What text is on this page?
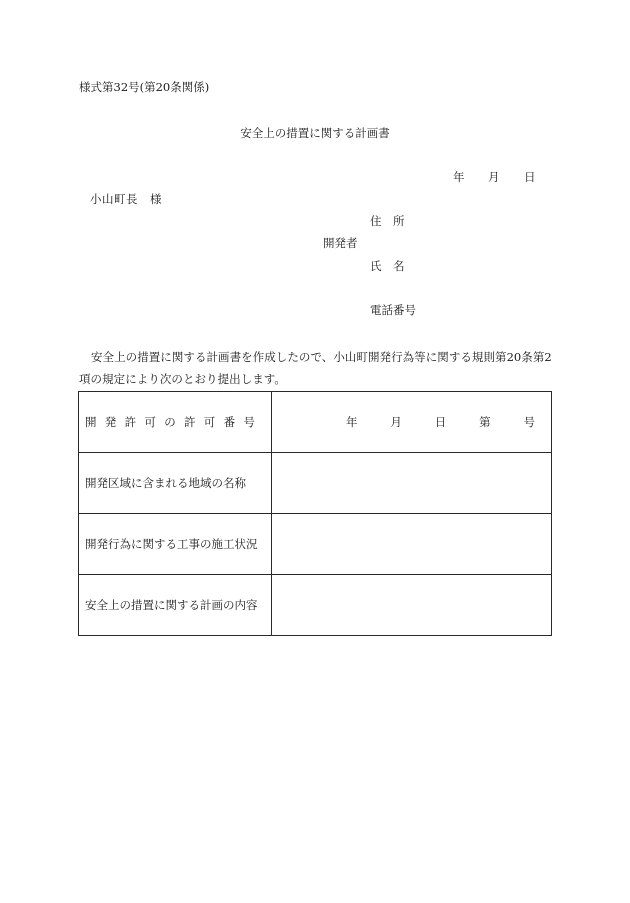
様式第32号(第20条関係)
安全上の措置に関する計画書
年 月 日
小山町長　様
住　所
開発者
氏　名
電話番号
安全上の措置に関する計画書を作成したので、小山町開発行為等に関する規則第20条第2項の規定により次のとおり提出します。
開発許可の許可番号	年 月 日 第 号

開発区域に含まれる地域の名称	
開発行為に関する工事の施工状況	
安全上の措置に関する計画の内容	
